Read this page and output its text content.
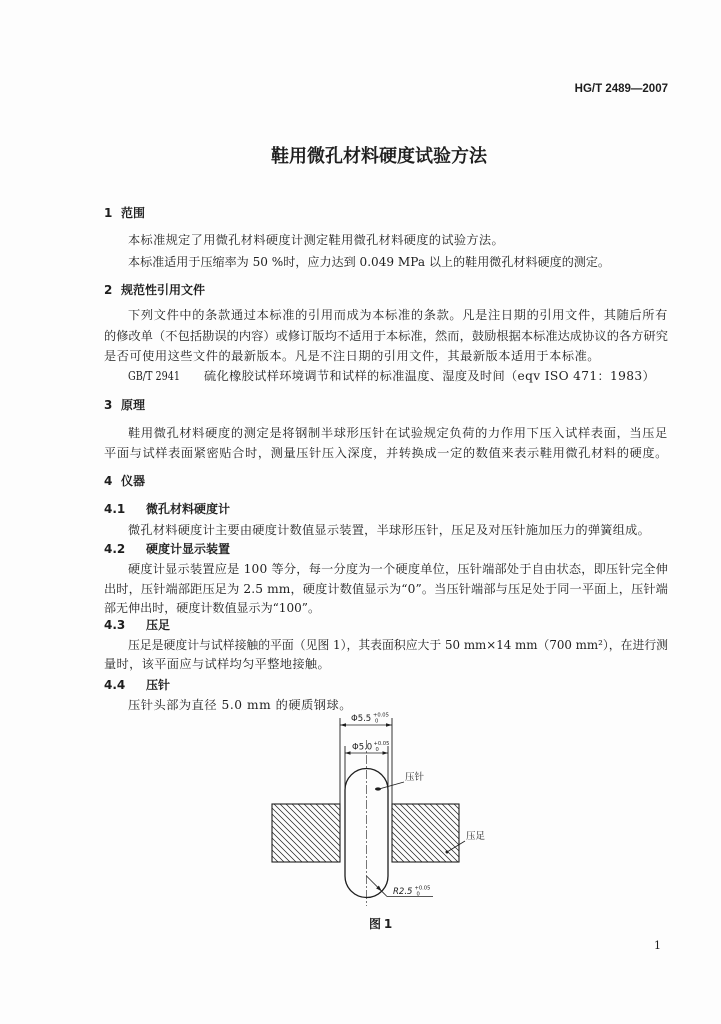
HG/T 2489—2007
鞋用微孔材料硬度试验方法
1 范围
本标准规定了用微孔材料硬度计测定鞋用微孔材料硬度的试验方法。
本标准适用于压缩率为 50 %时，应力达到 0.049 MPa 以上的鞋用微孔材料硬度的测定。
2 规范性引用文件
下列文件中的条款通过本标准的引用而成为本标准的条款。凡是注日期的引用文件，其随后所有
的修改单（不包括勘误的内容）或修订版均不适用于本标准，然而，鼓励根据本标准达成协议的各方研究
是否可使用这些文件的最新版本。凡是不注日期的引用文件，其最新版本适用于本标准。
GB/T 2941 硫化橡胶试样环境调节和试样的标准温度、湿度及时间（eqv ISO 471：1983）
3 原理
鞋用微孔材料硬度的测定是将钢制半球形压针在试验规定负荷的力作用下压入试样表面，当压足
平面与试样表面紧密贴合时，测量压针压入深度，并转换成一定的数值来表示鞋用微孔材料的硬度。
4 仪器
4.1 微孔材料硬度计
微孔材料硬度计主要由硬度计数值显示装置，半球形压针，压足及对压针施加压力的弹簧组成。
4.2 硬度计显示装置
硬度计显示装置应是 100 等分，每一分度为一个硬度单位，压针端部处于自由状态，即压针完全伸
出时，压针端部距压足为 2.5 mm，硬度计数值显示为“0”。当压针端部与压足处于同一平面上，压针端
部无伸出时，硬度计数值显示为“100”。
4.3 压足
压足是硬度计与试样接触的平面（见图 1），其表面积应大于 50 mm×14 mm（700 mm²），在进行测
量时，该平面应与试样均匀平整地接触。
4.4 压针
压针头部为直径 5.0 mm 的硬质钢球。
Φ5.5 +0.05
0
Φ5.0 +0.05
0
R2.5 +0.05
0
压针
压足
图1
1
